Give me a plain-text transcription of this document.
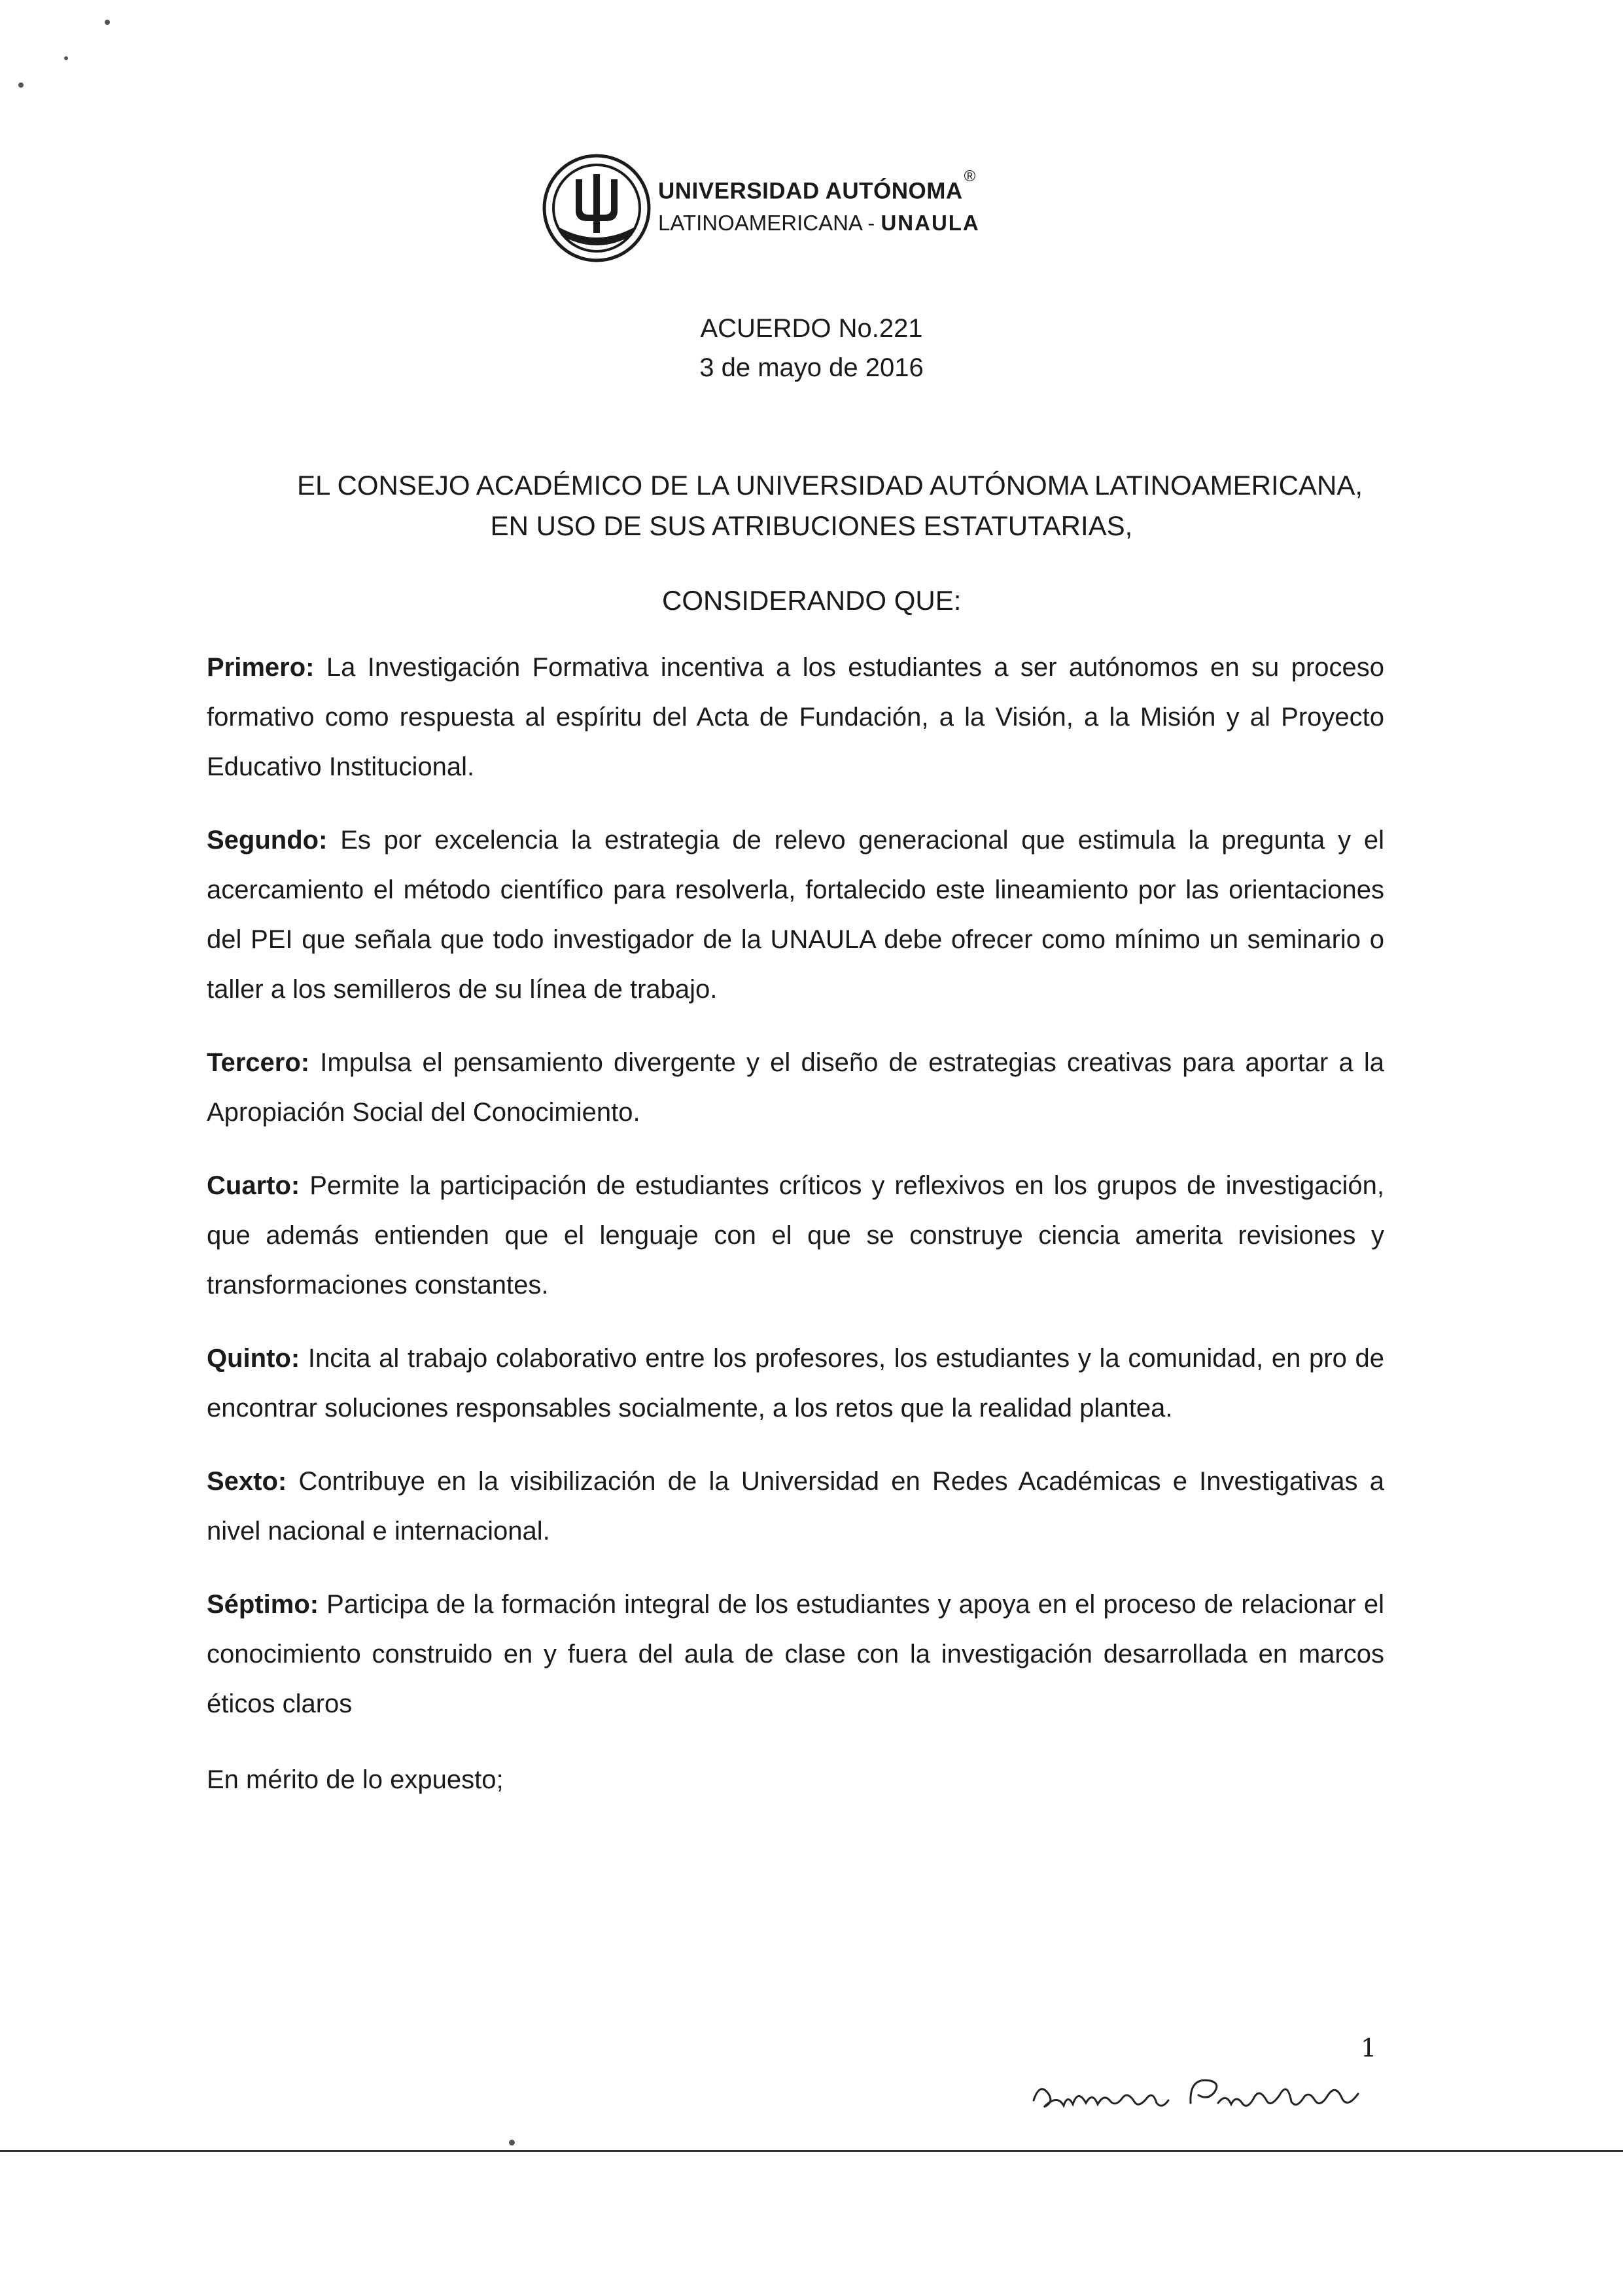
UNIVERSIDAD AUTÓNOMA®
LATINOAMERICANA - UNAULA
ACUERDO No.221
3 de mayo de 2016
EL CONSEJO ACADÉMICO DE LA UNIVERSIDAD AUTÓNOMA LATINOAMERICANA,
EN USO DE SUS ATRIBUCIONES ESTATUTARIAS,
CONSIDERANDO QUE:

Primero: La Investigación Formativa incentiva a los estudiantes a ser autónomos en su proceso formativo como respuesta al espíritu del Acta de Fundación, a la Visión, a la Misión y al Proyecto Educativo Institucional.

Segundo: Es por excelencia la estrategia de relevo generacional que estimula la pregunta y el acercamiento el método científico para resolverla, fortalecido este lineamiento por las orientaciones del PEI que señala que todo investigador de la UNAULA debe ofrecer como mínimo un seminario o taller a los semilleros de su línea de trabajo.

Tercero: Impulsa el pensamiento divergente y el diseño de estrategias creativas para aportar a la Apropiación Social del Conocimiento.

Cuarto: Permite la participación de estudiantes críticos y reflexivos en los grupos de investigación, que además entienden que el lenguaje con el que se construye ciencia amerita revisiones y transformaciones constantes.

Quinto: Incita al trabajo colaborativo entre los profesores, los estudiantes y la comunidad, en pro de encontrar soluciones responsables socialmente, a los retos que la realidad plantea.

Sexto: Contribuye en la visibilización de la Universidad en Redes Académicas e Investigativas a nivel nacional e internacional.

Séptimo: Participa de la formación integral de los estudiantes y apoya en el proceso de relacionar el conocimiento construido en y fuera del aula de clase con la investigación desarrollada en marcos éticos claros

En mérito de lo expuesto;

1
